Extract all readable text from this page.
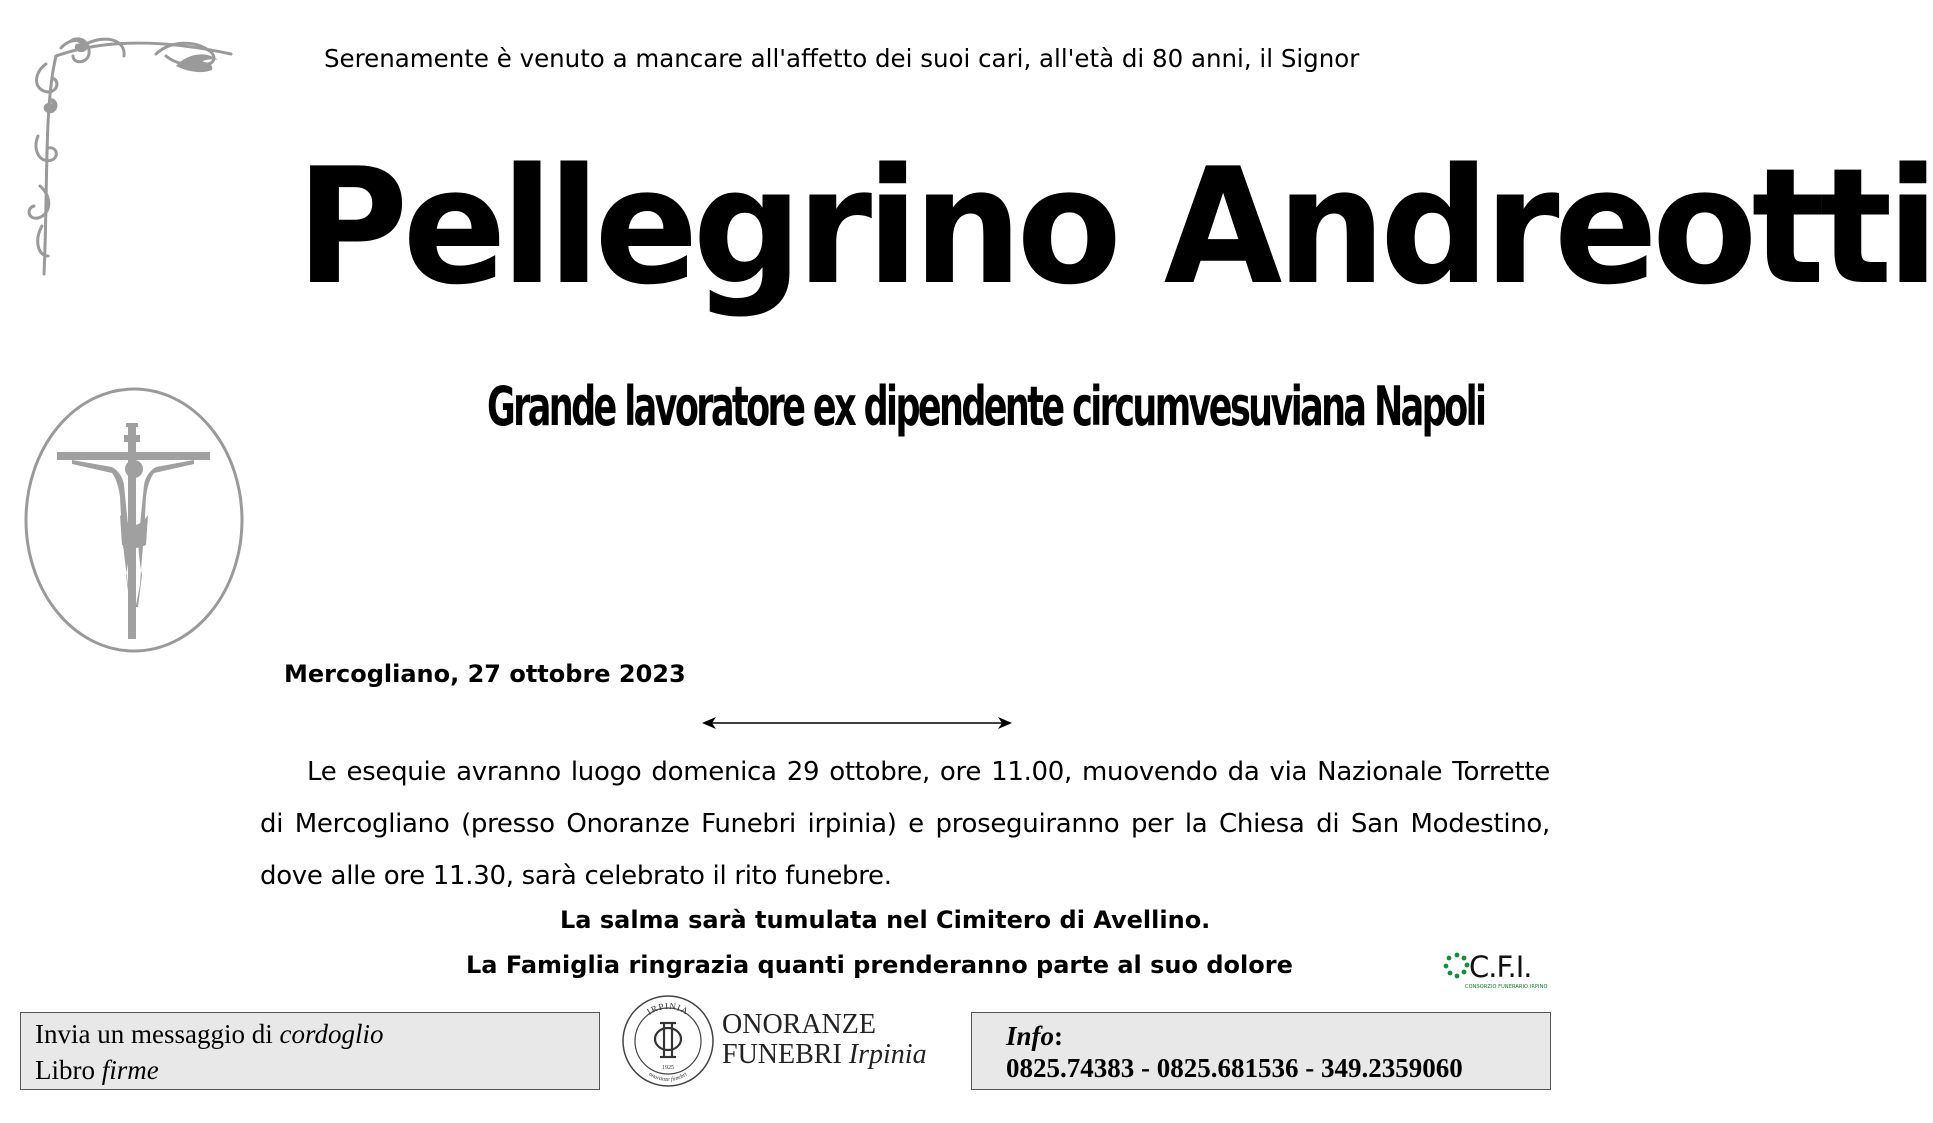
Serenamente è venuto a mancare all'affetto dei suoi cari, all'età di 80 anni, il Signor
Pellegrino Andreotti
Grande lavoratore ex dipendente circumvesuviana Napoli
Mercogliano, 27 ottobre 2023
Le esequie avranno luogo domenica 29 ottobre, ore 11.00, muovendo da via Nazionale Torrette di Mercogliano (presso Onoranze Funebri irpinia) e proseguiranno per la Chiesa di San Modestino, dove alle ore 11.30, sarà celebrato il rito funebre.
La salma sarà tumulata nel Cimitero di Avellino.
La Famiglia ringrazia quanti prenderanno parte al suo dolore	C.F.I.
CONSORZIO FUNERARIO IRPINO
Invia un messaggio di cordoglio
Libro firme
IRPINIA
onoranze funebri
1925
ONORANZE
FUNEBRI Irpinia
Info:
0825.74383 - 0825.681536 - 349.2359060
